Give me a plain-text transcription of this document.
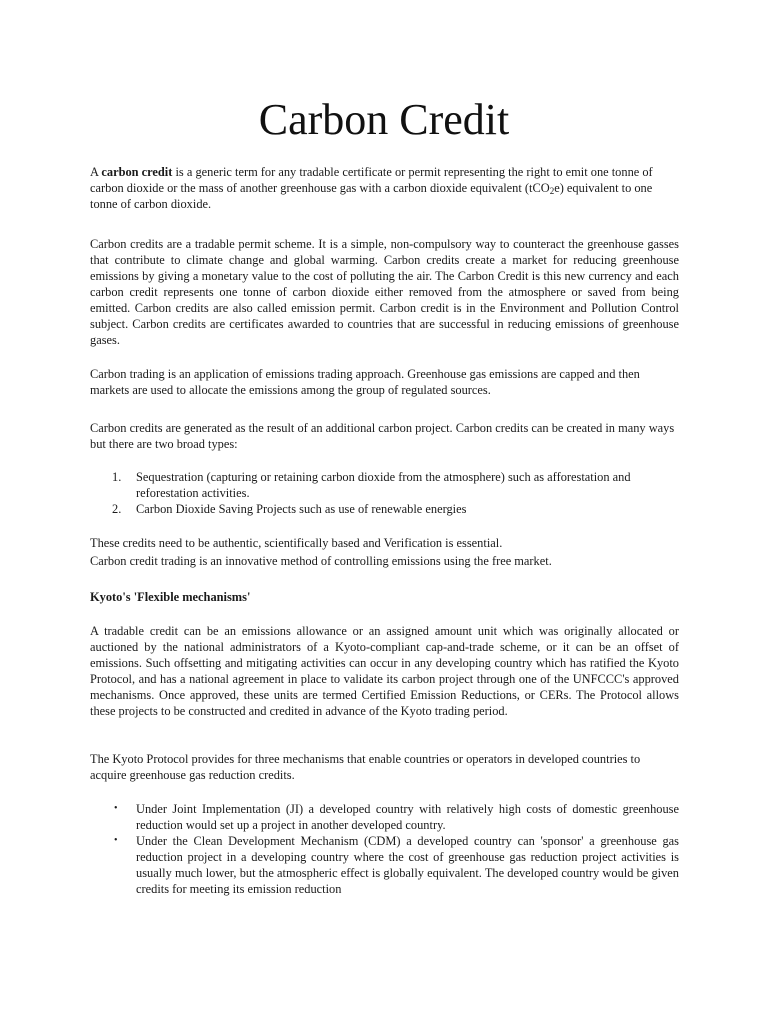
Carbon Credit

A carbon credit is a generic term for any tradable certificate or permit representing the right to emit one tonne of carbon dioxide or the mass of another greenhouse gas with a carbon dioxide equivalent (tCO$_2$e) equivalent to one tonne of carbon dioxide.

Carbon credits are a tradable permit scheme. It is a simple, non-compulsory way to counteract the greenhouse gasses that contribute to climate change and global warming. Carbon credits create a market for reducing greenhouse emissions by giving a monetary value to the cost of polluting the air. The Carbon Credit is this new currency and each carbon credit represents one tonne of carbon dioxide either removed from the atmosphere or saved from being emitted. Carbon credits are also called emission permit. Carbon credit is in the Environment and Pollution Control subject. Carbon credits are certificates awarded to countries that are successful in reducing emissions of greenhouse gases.

Carbon trading is an application of emissions trading approach. Greenhouse gas emissions are capped and then markets are used to allocate the emissions among the group of regulated sources.

Carbon credits are generated as the result of an additional carbon project. Carbon credits can be created in many ways but there are two broad types:

1. Sequestration (capturing or retaining carbon dioxide from the atmosphere) such as afforestation and reforestation activities.
2. Carbon Dioxide Saving Projects such as use of renewable energies

These credits need to be authentic, scientifically based and Verification is essential.

Carbon credit trading is an innovative method of controlling emissions using the free market.

Kyoto's 'Flexible mechanisms'

A tradable credit can be an emissions allowance or an assigned amount unit which was originally allocated or auctioned by the national administrators of a Kyoto-compliant cap-and-trade scheme, or it can be an offset of emissions. Such offsetting and mitigating activities can occur in any developing country which has ratified the Kyoto Protocol, and has a national agreement in place to validate its carbon project through one of the UNFCCC's approved mechanisms. Once approved, these units are termed Certified Emission Reductions, or CERs. The Protocol allows these projects to be constructed and credited in advance of the Kyoto trading period.

The Kyoto Protocol provides for three mechanisms that enable countries or operators in developed countries to acquire greenhouse gas reduction credits.

• Under Joint Implementation (JI) a developed country with relatively high costs of domestic greenhouse reduction would set up a project in another developed country.
• Under the Clean Development Mechanism (CDM) a developed country can 'sponsor' a greenhouse gas reduction project in a developing country where the cost of greenhouse gas reduction project activities is usually much lower, but the atmospheric effect is globally equivalent. The developed country would be given credits for meeting its emission reduction
